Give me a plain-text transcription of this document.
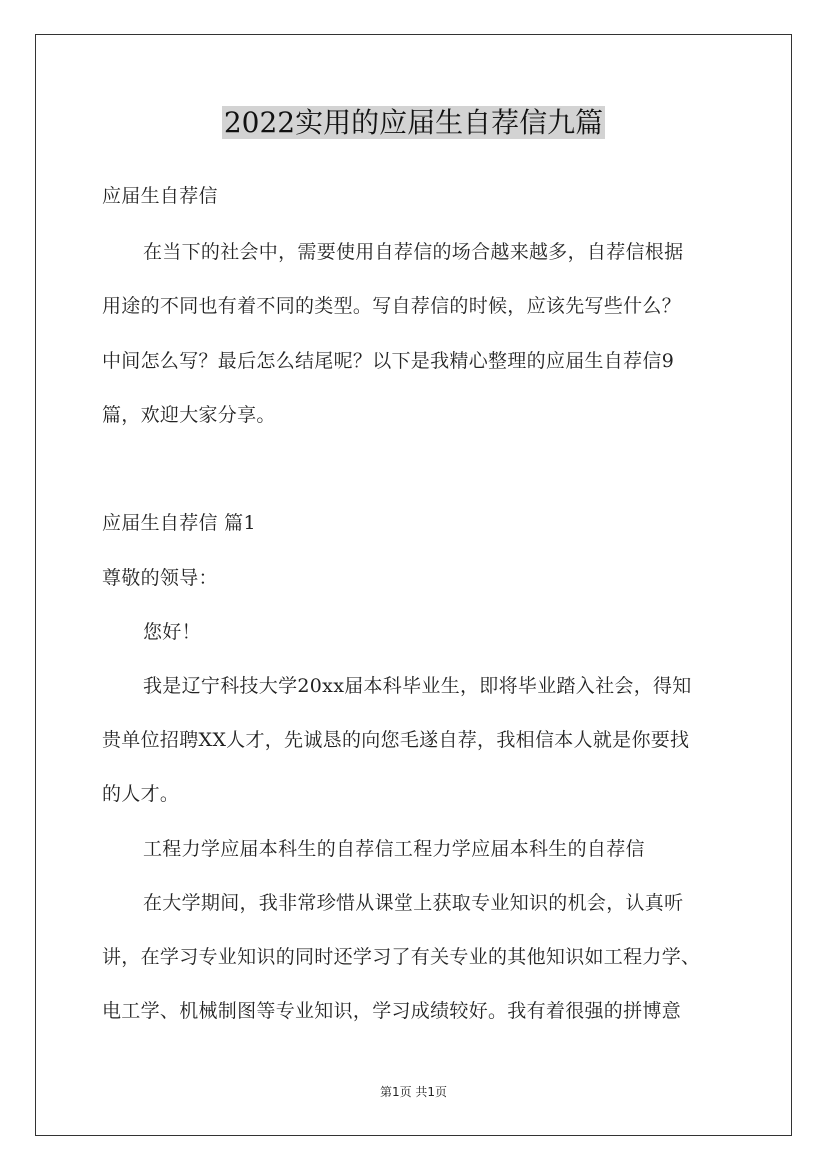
2022实用的应届生自荐信九篇
应届生自荐信
在当下的社会中，需要使用自荐信的场合越来越多，自荐信根据
用途的不同也有着不同的类型。写自荐信的时候，应该先写些什么？
中间怎么写？最后怎么结尾呢？以下是我精心整理的应届生自荐信9
篇，欢迎大家分享。
应届生自荐信 篇1
尊敬的领导：
您好！
我是辽宁科技大学20xx届本科毕业生，即将毕业踏入社会，得知
贵单位招聘XX人才，先诚恳的向您毛遂自荐，我相信本人就是你要找
的人才。
工程力学应届本科生的自荐信工程力学应届本科生的自荐信
在大学期间，我非常珍惜从课堂上获取专业知识的机会，认真听
讲，在学习专业知识的同时还学习了有关专业的其他知识如工程力学、
电工学、机械制图等专业知识，学习成绩较好。我有着很强的拼博意
第1页 共1页
